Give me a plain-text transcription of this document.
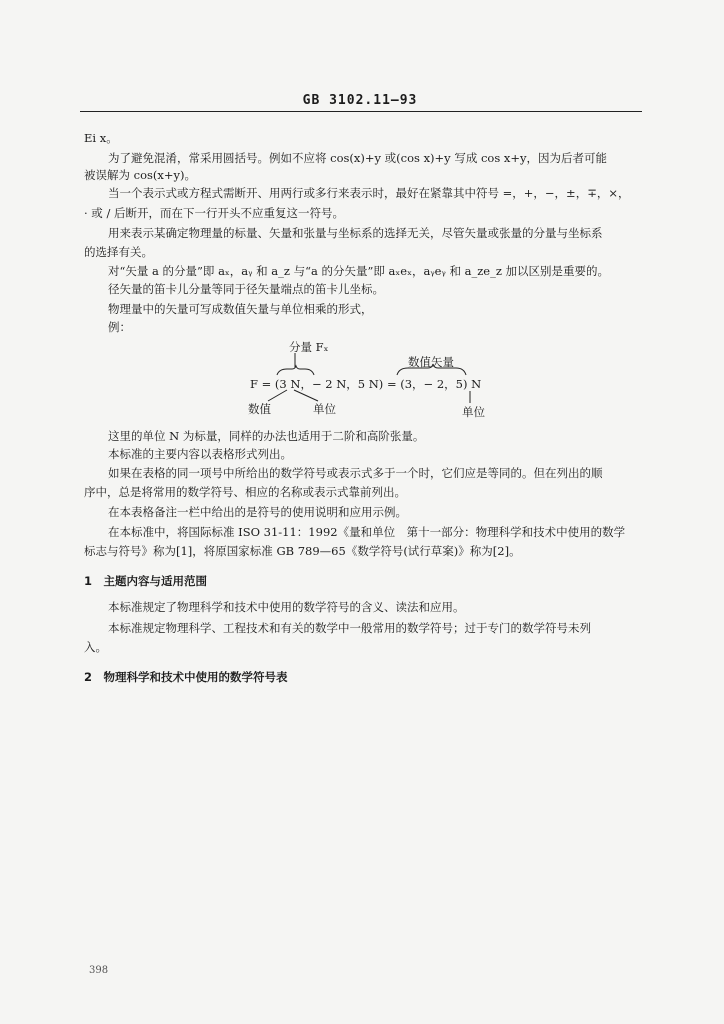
GB 3102.11—93
Ei x。
为了避免混淆，常采用圆括号。例如不应将 cos(x)+y 或(cos x)+y 写成 cos x+y，因为后者可能
被误解为 cos(x+y)。
当一个表示式或方程式需断开、用两行或多行来表示时，最好在紧靠其中符号 =，+，−，±，∓，×，
· 或 / 后断开，而在下一行开头不应重复这一符号。
用来表示某确定物理量的标量、矢量和张量与坐标系的选择无关，尽管矢量或张量的分量与坐标系
的选择有关。
对“矢量 a 的分量”即 aₓ，aᵧ 和 a_z 与“a 的分矢量”即 aₓeₓ，aᵧeᵧ 和 a_ze_z 加以区别是重要的。
径矢量的笛卡儿分量等同于径矢量端点的笛卡儿坐标。
物理量中的矢量可写成数值矢量与单位相乘的形式，
例：
分量 Fₓ
数值矢量
F = (3 N，− 2 N，5 N) = (3，− 2，5) N
数值	单位	单位
这里的单位 N 为标量，同样的办法也适用于二阶和高阶张量。
本标准的主要内容以表格形式列出。
如果在表格的同一项号中所给出的数学符号或表示式多于一个时，它们应是等同的。但在列出的顺
序中，总是将常用的数学符号、相应的名称或表示式靠前列出。
在本表格备注一栏中给出的是符号的使用说明和应用示例。
在本标准中，将国际标准 ISO 31-11：1992《量和单位　第十一部分：物理科学和技术中使用的数学
标志与符号》称为[1]，将原国家标准 GB 789—65《数学符号(试行草案)》称为[2]。
1　主题内容与适用范围
本标准规定了物理科学和技术中使用的数学符号的含义、读法和应用。
本标准规定物理科学、工程技术和有关的数学中一般常用的数学符号；过于专门的数学符号未列
入。
2　物理科学和技术中使用的数学符号表
398
